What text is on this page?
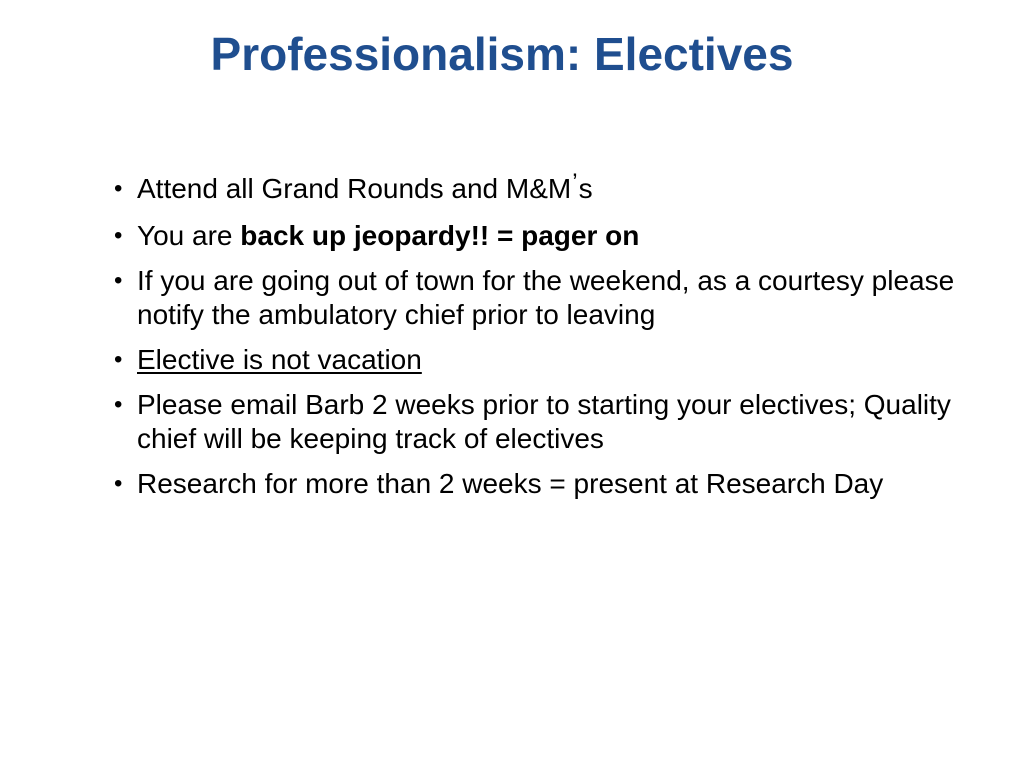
Professionalism: Electives
• Attend all Grand Rounds and M&M’s
• You are back up jeopardy!! = pager on
• If you are going out of town for the weekend, as a courtesy please notify the ambulatory chief prior to leaving
• Elective is not vacation
• Please email Barb 2 weeks prior to starting your electives; Quality chief will be keeping track of electives
• Research for more than 2 weeks = present at Research Day
